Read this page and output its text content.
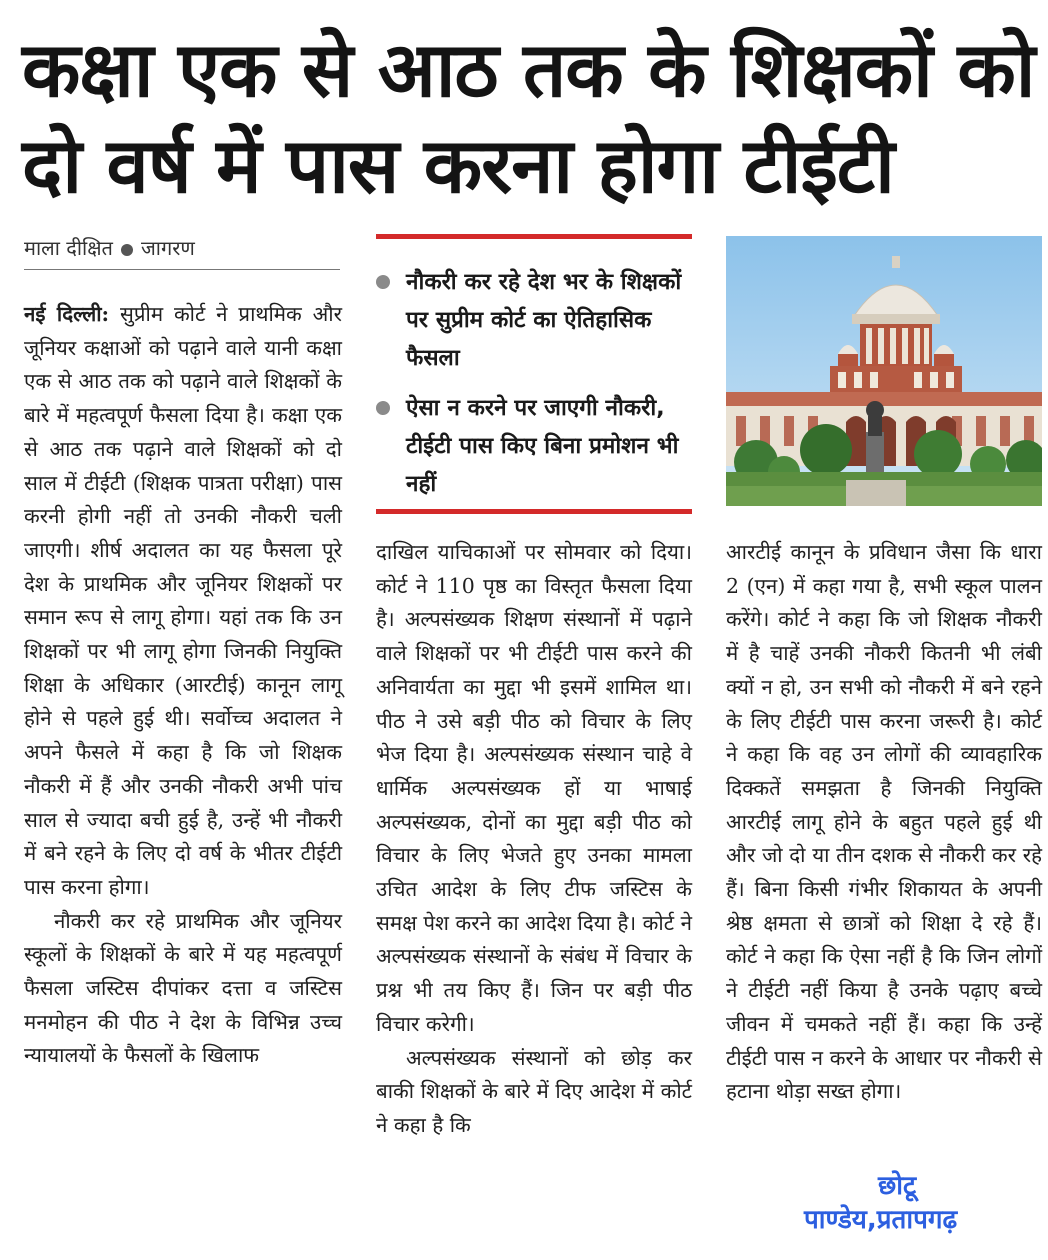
कक्षा एक से आठ तक के शिक्षकों को
दो वर्ष में पास करना होगा टीईटी
माला दीक्षित जागरण
नौकरी कर रहे देश भर के शिक्षकों पर सुप्रीम कोर्ट का ऐतिहासिक फैसला
ऐसा न करने पर जाएगी नौकरी, टीईटी पास किए बिना प्रमोशन भी नहीं

नई दिल्ली: सुप्रीम कोर्ट ने प्राथमिक और जूनियर कक्षाओं को पढ़ाने वाले यानी कक्षा एक से आठ तक को पढ़ाने वाले शिक्षकों के बारे में महत्वपूर्ण फैसला दिया है। कक्षा एक से आठ तक पढ़ाने वाले शिक्षकों को दो साल में टीईटी (शिक्षक पात्रता परीक्षा) पास करनी होगी नहीं तो उनकी नौकरी चली जाएगी। शीर्ष अदालत का यह फैसला पूरे देश के प्राथमिक और जूनियर शिक्षकों पर समान रूप से लागू होगा। यहां तक कि उन शिक्षकों पर भी लागू होगा जिनकी नियुक्ति शिक्षा के अधिकार (आरटीई) कानून लागू होने से पहले हुई थी। सर्वोच्च अदालत ने अपने फैसले में कहा है कि जो शिक्षक नौकरी में हैं और उनकी नौकरी अभी पांच साल से ज्यादा बची हुई है, उन्हें भी नौकरी में बने रहने के लिए दो वर्ष के भीतर टीईटी पास करना होगा।

नौकरी कर रहे प्राथमिक और जूनियर स्कूलों के शिक्षकों के बारे में यह महत्वपूर्ण फैसला जस्टिस दीपांकर दत्ता व जस्टिस मनमोहन की पीठ ने देश के विभिन्न उच्च न्यायालयों के फैसलों के खिलाफ

दाखिल याचिकाओं पर सोमवार को दिया। कोर्ट ने 110 पृष्ठ का विस्तृत फैसला दिया है। अल्पसंख्यक शिक्षण संस्थानों में पढ़ाने वाले शिक्षकों पर भी टीईटी पास करने की अनिवार्यता का मुद्दा भी इसमें शामिल था। पीठ ने उसे बड़ी पीठ को विचार के लिए भेज दिया है। अल्पसंख्यक संस्थान चाहे वे धार्मिक अल्पसंख्यक हों या भाषाई अल्पसंख्यक, दोनों का मुद्दा बड़ी पीठ को विचार के लिए भेजते हुए उनका मामला उचित आदेश के लिए टीफ जस्टिस के समक्ष पेश करने का आदेश दिया है। कोर्ट ने अल्पसंख्यक संस्थानों के संबंध में विचार के प्रश्न भी तय किए हैं। जिन पर बड़ी पीठ विचार करेगी।

अल्पसंख्यक संस्थानों को छोड़ कर बाकी शिक्षकों के बारे में दिए आदेश में कोर्ट ने कहा है कि

आरटीई कानून के प्रविधान जैसा कि धारा 2 (एन) में कहा गया है, सभी स्कूल पालन करेंगे। कोर्ट ने कहा कि जो शिक्षक नौकरी में है चाहें उनकी नौकरी कितनी भी लंबी क्यों न हो, उन सभी को नौकरी में बने रहने के लिए टीईटी पास करना जरूरी है। कोर्ट ने कहा कि वह उन लोगों की व्यावहारिक दिक्कतें समझता है जिनकी नियुक्ति आरटीई लागू होने के बहुत पहले हुई थी और जो दो या तीन दशक से नौकरी कर रहे हैं। बिना किसी गंभीर शिकायत के अपनी श्रेष्ठ क्षमता से छात्रों को शिक्षा दे रहे हैं। कोर्ट ने कहा कि ऐसा नहीं है कि जिन लोगों ने टीईटी नहीं किया है उनके पढ़ाए बच्चे जीवन में चमकते नहीं हैं। कहा कि उन्हें टीईटी पास न करने के आधार पर नौकरी से हटाना थोड़ा सख्त होगा।

छोटू
पाण्डेय,प्रतापगढ़
